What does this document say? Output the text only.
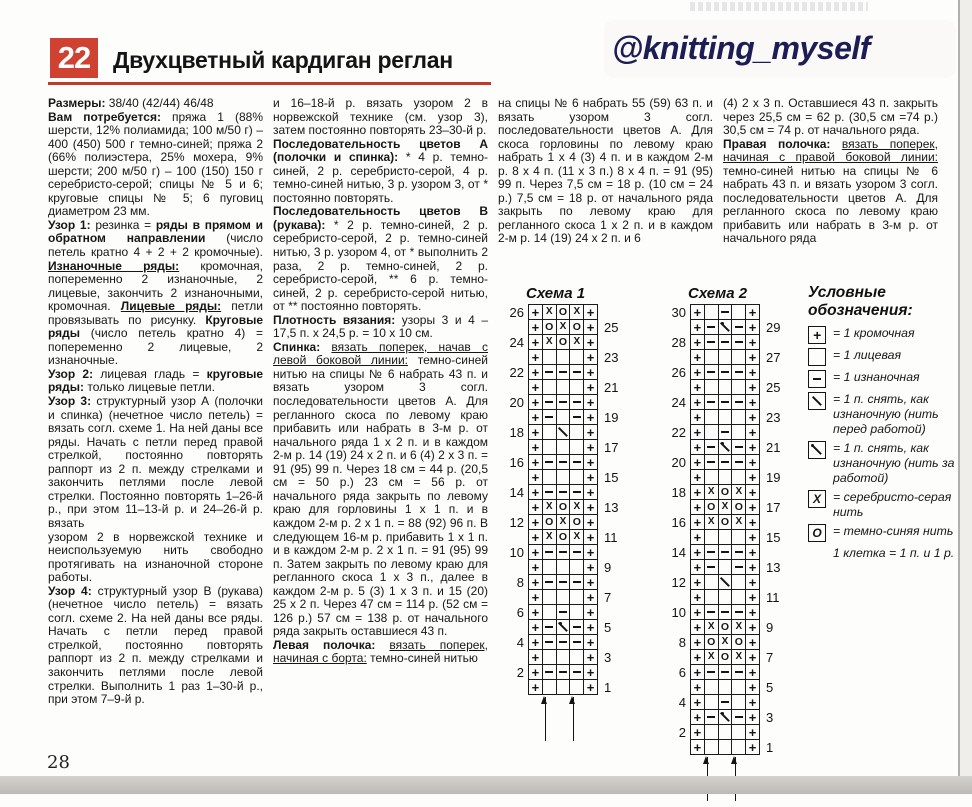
22 Двухцветный кардиган реглан	@knitting_myself

Размеры: 38/40 (42/44) 46/48

Вам потребуется: пряжа 1 (88% шерсти, 12% полиамида; 100 м/50 г) – 400 (450) 500 г темно-синей; пряжа 2 (66% полиэстера, 25% мохера, 9% шерсти; 200 м/50 г) – 100 (150) 150 г серебристо-серой; спицы № 5 и 6; круговые спицы № 5; 6 пуговиц диаметром 23 мм.

Узор 1: резинка = ряды в прямом и обратном направлении (число петель кратно 4 + 2 + 2 кромочные). Изнаночные ряды: кромочная, попеременно 2 изнаночные, 2 лицевые, закончить 2 изнаночными, кромочная. Лицевые ряды: петли провязывать по рисунку. Круговые ряды (число петель кратно 4) = попеременно 2 лицевые, 2 изнаночные.

Узор 2: лицевая гладь = круговые ряды: только лицевые петли.

Узор 3: структурный узор А (полочки и спинка) (нечетное число петель) = вязать согл. схеме 1. На ней даны все ряды. Начать с петли перед правой стрелкой, постоянно повторять раппорт из 2 п. между стрелками и закончить петлями после левой стрелки. Постоянно повторять 1–26-й р., при этом 11–13-й р. и 24–26-й р. вязать

узором 2 в норвежской технике и неиспользуемую нить свободно протягивать на изнаночной стороне работы.

Узор 4: структурный узор В (рукава) (нечетное число петель) = вязать согл. схеме 2. На ней даны все ряды. Начать с петли перед правой стрелкой, постоянно повторять раппорт из 2 п. между стрелками и закончить петлями после левой стрелки. Выполнить 1 раз 1–30-й р., при этом 7–9-й р.

и 16–18-й р. вязать узором 2 в норвежской технике (см. узор 3), затем постоянно повторять 23–30-й р.

Последовательность цветов А (полочки и спинка): * 4 р. темно-синей, 2 р. серебристо-серой, 4 р. темно-синей нитью, 3 р. узором 3, от * постоянно повторять.

Последовательность цветов В (рукава): * 2 р. темно-синей, 2 р. серебристо-серой, 2 р. темно-синей нитью, 3 р. узором 4, от * выполнить 2 раза, 2 р. темно-синей, 2 р. серебристо-серой, ** 6 р. темно-синей, 2 р. серебристо-серой нитью, от ** постоянно повторять.

Плотность вязания: узоры 3 и 4 – 17,5 п. x 24,5 р. = 10 x 10 см.

Спинка: вязать поперек, начав с левой боковой линии: темно-синей нитью на спицы № 6 набрать 43 п. и вязать узором 3 согл. последовательности цветов А. Для регланного скоса по левому краю прибавить или набрать в 3-м р. от начального ряда 1 х 2 п. и в каждом 2-м р. 14 (19) 24 х 2 п. и 6 (4) 2 х 3 п. = 91 (95) 99 п. Через 18 см = 44 р. (20,5 см = 50 р.) 23 см = 56 р. от начального ряда закрыть по левому краю для горловины 1 х 1 п. и в каждом 2-м р. 2 х 1 п. = 88 (92) 96 п. В следующем 16-м р. прибавить 1 х 1 п. и в каждом 2-м р. 2 х 1 п. = 91 (95) 99 п. Затем закрыть по левому краю для регланного скоса 1 х 3 п., далее в каждом 2-м р. 5 (3) 1 х 3 п. и 15 (20) 25 х 2 п. Через 47 см = 114 р. (52 см = 126 р.) 57 см = 138 р. от начального ряда закрыть оставшиеся 43 п.

Левая полочка: вязать поперек, начиная с борта: темно-синей нитью

на спицы № 6 набрать 55 (59) 63 п. и вязать узором 3 согл. последовательности цветов А. Для скоса горловины по левому краю набрать 1 х 4 (3) 4 п. и в каждом 2-м р. 8 х 4 п. (11 х 3 п.) 8 х 4 п. = 91 (95) 99 п. Через 7,5 см = 18 р. (10 см = 24 р.) 7,5 см = 18 р. от начального ряда закрыть по левому краю для регланного скоса 1 х 2 п. и в каждом 2-м р. 14 (19) 24 х 2 п. и 6

(4) 2 х 3 п. Оставшиеся 43 п. закрыть через 25,5 см = 62 р. (30,5 см =74 р.) 30,5 см = 74 р. от начального ряда.

Правая полочка: вязать поперек, начиная с правой боковой линии: темно-синей нитью на спицы № 6 набрать 43 п. и вязать узором 3 согл. последовательности цветов А. Для регланного скоса по левому краю прибавить или набрать в 3-м р. от начального ряда

Схема 1
26	+	X	O	X	+	

+	O	X	O	+	25
24	+	X	O	X	+	

+				+	23
22	+				+	

+				+	21
20	+				+	

+				+	19
18	+				+	

+				+	17
16	+				+	

+				+	15
14	+				+	

+	X	O	X	+	13
12	+	O	X	O	+	

+	X	O	X	+	11
10	+				+	

+				+	9
8	+				+	

+				+	7
6	+				+	

+				+	5
4	+				+	

+				+	3
2	+				+	

+				+	1
Схема 2
30	+				+	

+				+	29
28	+				+	

+				+	27
26	+				+	

+				+	25
24	+				+	

+				+	23
22	+				+	

+				+	21
20	+				+	

+				+	19
18	+	X	O	X	+	

+	O	X	O	+	17
16	+	X	O	X	+	

+				+	15
14	+				+	

+				+	13
12	+				+	

+				+	11
10	+				+	

+	X	O	X	+	9
8	+	O	X	O	+	

+	X	O	X	+	7
6	+				+	

+				+	5
4	+				+	

+				+	3
2	+				+	

+				+	1
Условные обозначения:
+ = 1 кромочная
= 1 лицевая
= 1 изнаночная
= 1 п. снять, как изнаночную (нить перед работой)
= 1 п. снять, как изнаночную (нить за работой)
X = серебристо-серая нить
O = темно-синяя нить
1 клетка = 1 п. и 1 р.
28
